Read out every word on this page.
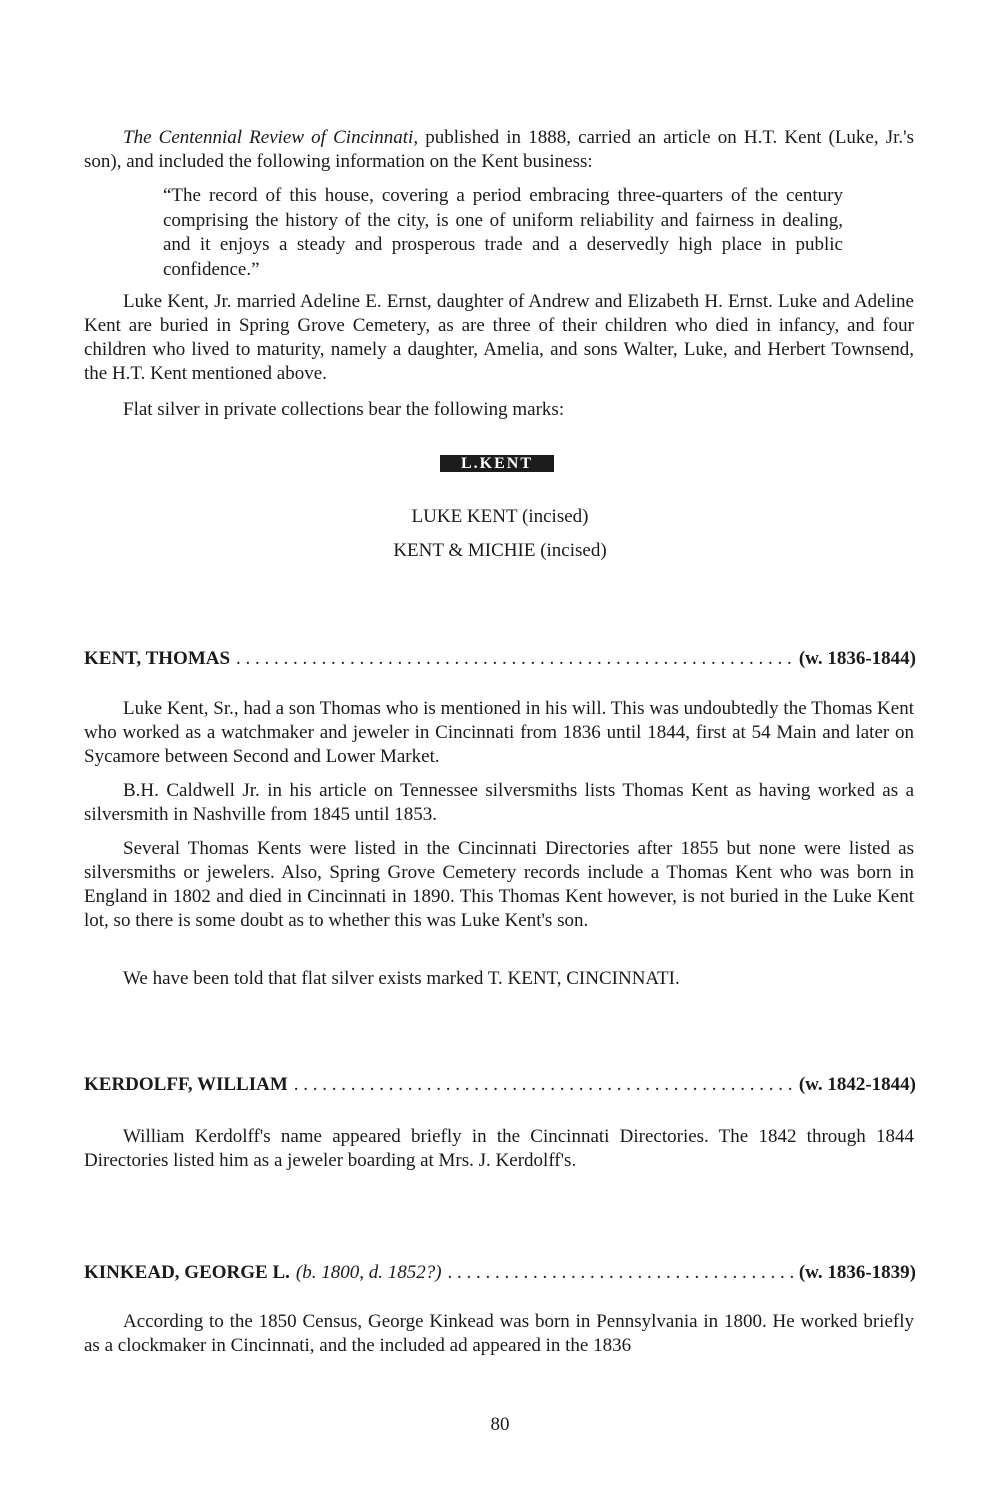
The Centennial Review of Cincinnati, published in 1888, carried an article on H.T. Kent (Luke, Jr.'s son), and included the following information on the Kent business:

“The record of this house, covering a period embracing three-quarters of the century comprising the history of the city, is one of uniform reliability and fairness in dealing, and it enjoys a steady and prosperous trade and a deservedly high place in public confidence.”

Luke Kent, Jr. married Adeline E. Ernst, daughter of Andrew and Elizabeth H. Ernst. Luke and Adeline Kent are buried in Spring Grove Cemetery, as are three of their children who died in infancy, and four children who lived to maturity, namely a daughter, Amelia, and sons Walter, Luke, and Herbert Townsend, the H.T. Kent mentioned above.

Flat silver in private collections bear the following marks:

L.KENT
LUKE KENT (incised)
KENT & MICHIE (incised)
KENT, THOMAS . . .	(w. 1836-1844)

Luke Kent, Sr., had a son Thomas who is mentioned in his will. This was undoubtedly the Thomas Kent who worked as a watchmaker and jeweler in Cincinnati from 1836 until 1844, first at 54 Main and later on Sycamore between Second and Lower Market.

B.H. Caldwell Jr. in his article on Tennessee silversmiths lists Thomas Kent as having worked as a silversmith in Nashville from 1845 until 1853.

Several Thomas Kents were listed in the Cincinnati Directories after 1855 but none were listed as silversmiths or jewelers. Also, Spring Grove Cemetery records include a Thomas Kent who was born in England in 1802 and died in Cincinnati in 1890. This Thomas Kent however, is not buried in the Luke Kent lot, so there is some doubt as to whether this was Luke Kent's son.

We have been told that flat silver exists marked T. KENT, CINCINNATI.

KERDOLFF, WILLIAM . . .	(w. 1842-1844)

William Kerdolff's name appeared briefly in the Cincinnati Directories. The 1842 through 1844 Directories listed him as a jeweler boarding at Mrs. J. Kerdolff's.

KINKEAD, GEORGE L. (b. 1800, d. 1852?) . . .	(w. 1836-1839)

According to the 1850 Census, George Kinkead was born in Pennsylvania in 1800. He worked briefly as a clockmaker in Cincinnati, and the included ad appeared in the 1836

80
